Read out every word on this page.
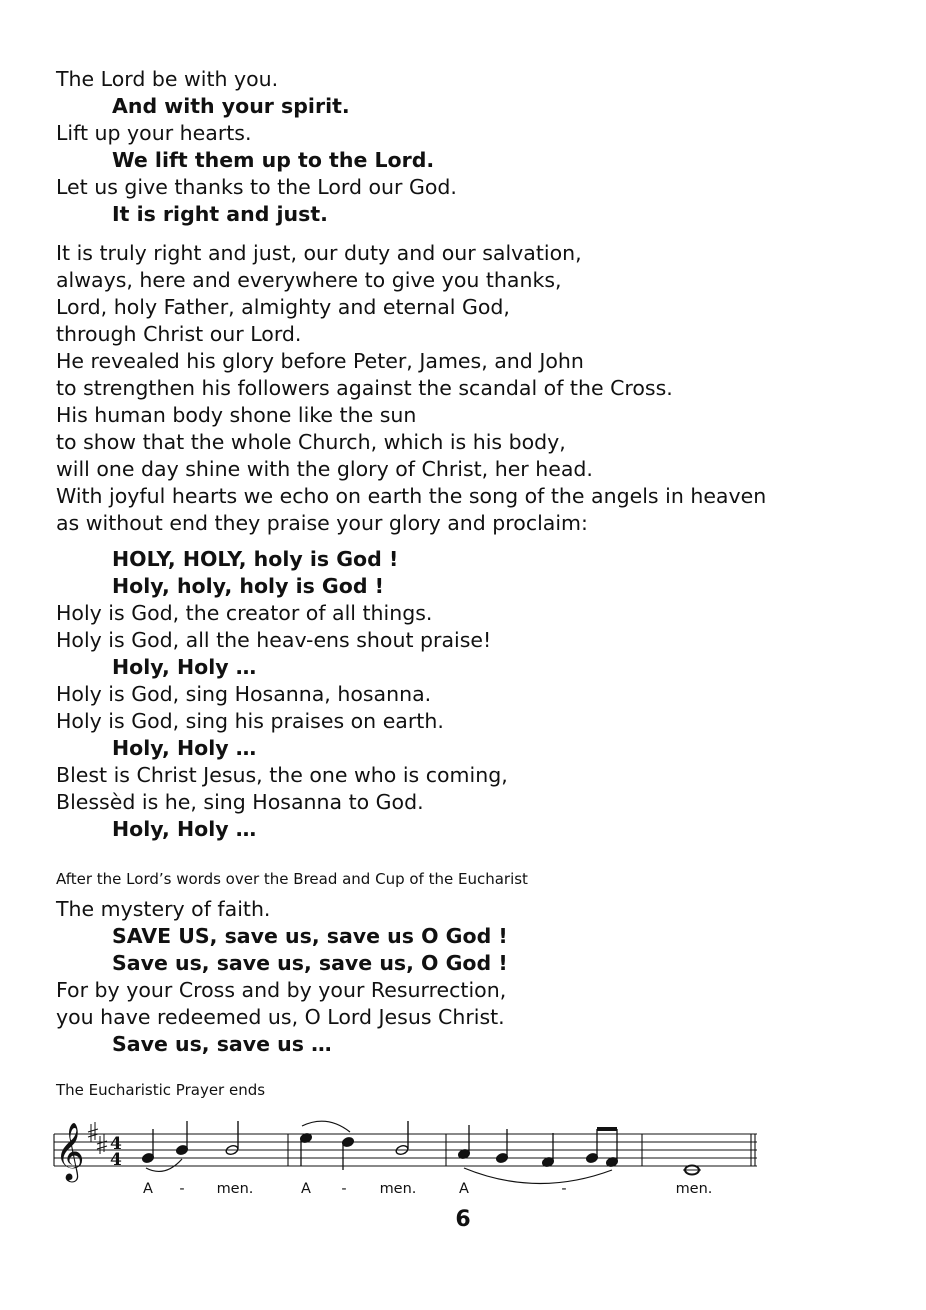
The Lord be with you.
And with your spirit.
Lift up your hearts.
We lift them up to the Lord.
Let us give thanks to the Lord our God.
It is right and just.
It is truly right and just, our duty and our salvation,
always, here and everywhere to give you thanks,
Lord, holy Father, almighty and eternal God,
through Christ our Lord.
He revealed his glory before Peter, James, and John
to strengthen his followers against the scandal of the Cross.
His human body shone like the sun
to show that the whole Church, which is his body,
will one day shine with the glory of Christ, her head.
With joyful hearts we echo on earth the song of the angels in heaven
as without end they praise your glory and proclaim:
HOLY, HOLY, holy is God !
Holy, holy, holy is God !
Holy is God, the creator of all things.
Holy is God, all the heav-ens shout praise!
Holy, Holy …
Holy is God, sing Hosanna, hosanna.
Holy is God, sing his praises on earth.
Holy, Holy …
Blest is Christ Jesus, the one who is coming,
Blessèd is he, sing Hosanna to God.
Holy, Holy …
After the Lord’s words over the Bread and Cup of the Eucharist
The mystery of faith.
SAVE US, save us, save us O God !
Save us, save us, save us, O God !
For by your Cross and by your Resurrection,
you have redeemed us, O Lord Jesus Christ.
Save us, save us …
The Eucharistic Prayer ends
𝄞 4
4
A - men.	A - men.	A	-	men.
6
